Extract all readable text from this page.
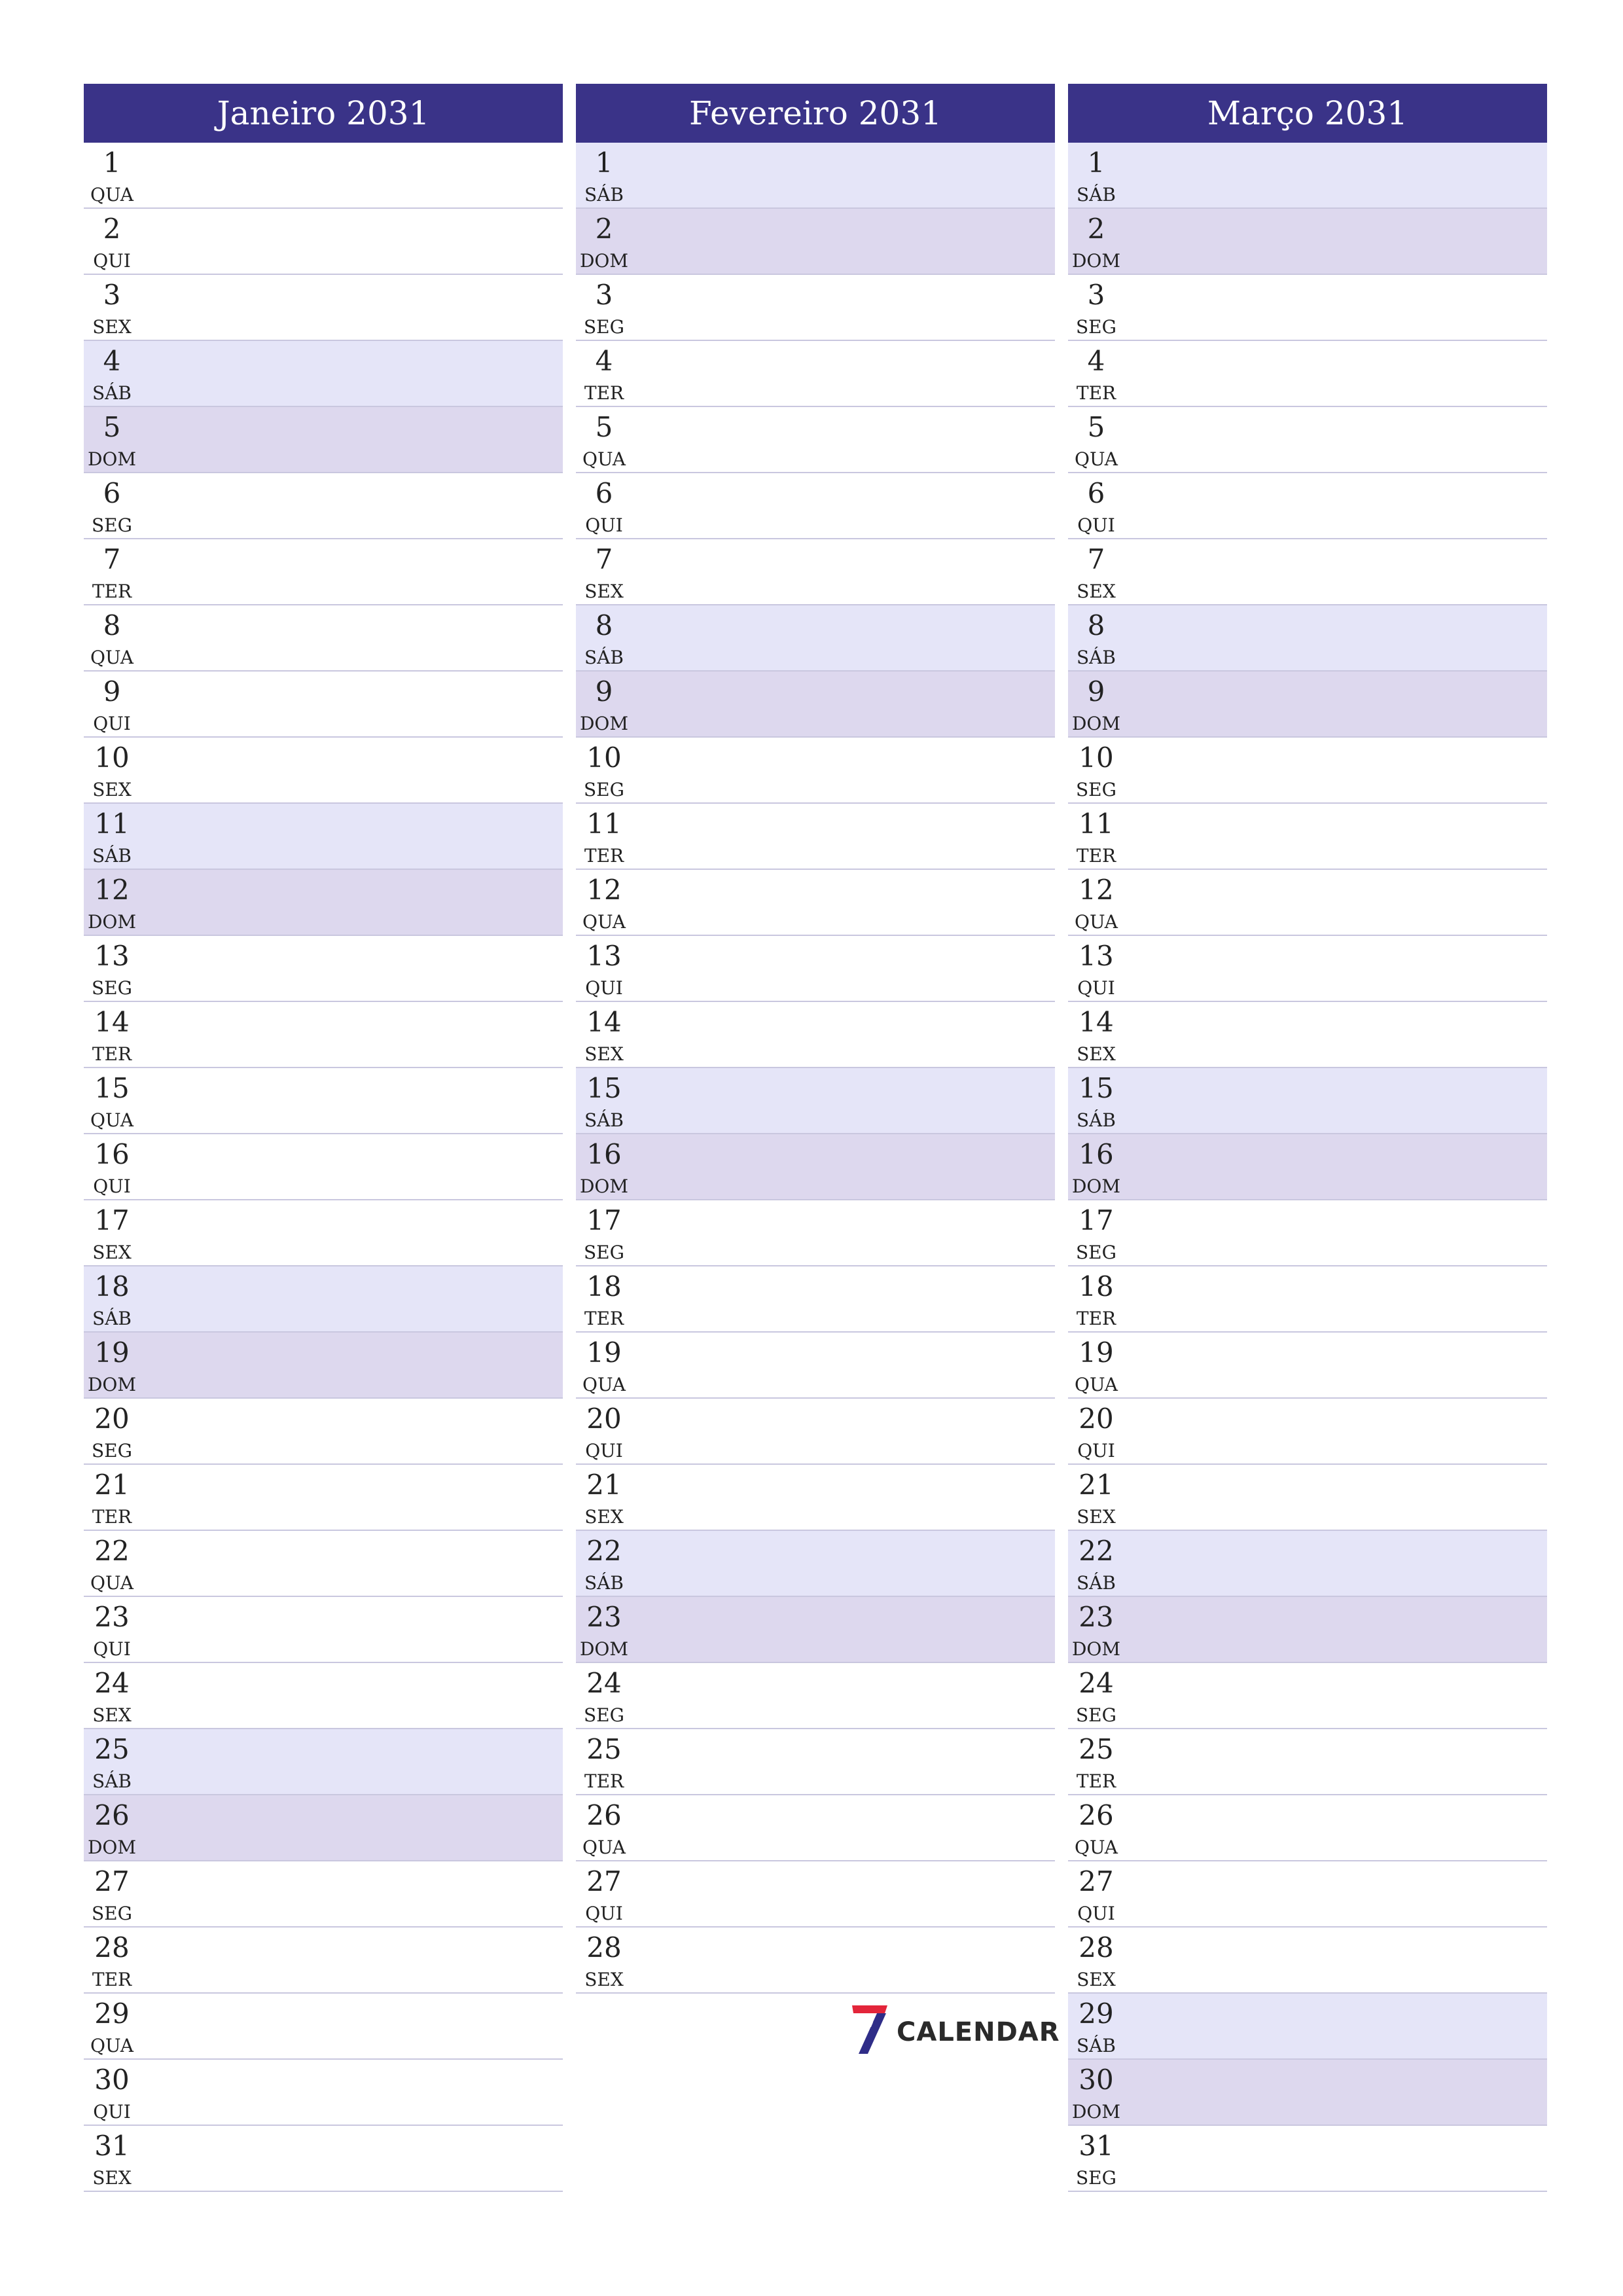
Janeiro 2031
1
QUA
2
QUI
3
SEX
4
SÁB
5
DOM
6
SEG
7
TER
8
QUA
9
QUI
10
SEX
11
SÁB
12
DOM
13
SEG
14
TER
15
QUA
16
QUI
17
SEX
18
SÁB
19
DOM
20
SEG
21
TER
22
QUA
23
QUI
24
SEX
25
SÁB
26
DOM
27
SEG
28
TER
29
QUA
30
QUI
31
SEX
Fevereiro 2031
1
SÁB
2
DOM
3
SEG
4
TER
5
QUA
6
QUI
7
SEX
8
SÁB
9
DOM
10
SEG
11
TER
12
QUA
13
QUI
14
SEX
15
SÁB
16
DOM
17
SEG
18
TER
19
QUA
20
QUI
21
SEX
22
SÁB
23
DOM
24
SEG
25
TER
26
QUA
27
QUI
28
SEX
Março 2031
1
SÁB
2
DOM
3
SEG
4
TER
5
QUA
6
QUI
7
SEX
8
SÁB
9
DOM
10
SEG
11
TER
12
QUA
13
QUI
14
SEX
15
SÁB
16
DOM
17
SEG
18
TER
19
QUA
20
QUI
21
SEX
22
SÁB
23
DOM
24
SEG
25
TER
26
QUA
27
QUI
28
SEX
29
SÁB
30
DOM
31
SEG
CALENDAR
